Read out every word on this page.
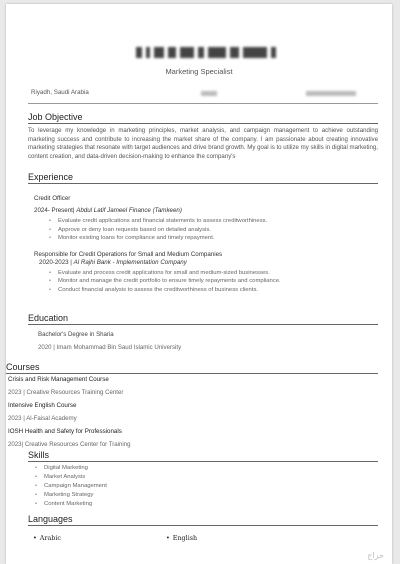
Marketing Specialist
Riyadh, Saudi Arabia
Job Objective
To leverage my knowledge in marketing principles, market analysis, and campaign management to achieve outstanding marketing success and contribute to increasing the market share of the company. I am passionate about creating innovative marketing strategies that resonate with target audiences and drive brand growth. My goal is to utilize my skills in digital marketing, content creation, and data-driven decision-making to enhance the company's
Experience
Credit Officer
2024- Present| Abdul Latif Jameel Finance (Tamkeen)
• Evaluate credit applications and financial statements to assess creditworthiness.
• Approve or deny loan requests based on detailed analysis.
• Monitor existing loans for compliance and timely repayment.
Responsible for Credit Operations for Small and Medium Companies
2020-2023 | Al Rajhi Bank - Implementation Company
• Evaluate and process credit applications for small and medium-sized businesses.
• Monitor and manage the credit portfolio to ensure timely repayments and compliance.
• Conduct financial analysis to assess the creditworthiness of business clients.
Education
Bachelor's Degree in Sharia
2020 | Imam Mohammad Bin Saud Islamic University
Courses
Crisis and Risk Management Course
2023 | Creative Resources Training Center
Intensive English Course
2023 | Al-Faisal Academy
IOSH Health and Safety for Professionals
2023| Creative Resources Center for Training
Skills
• Digital Marketing
• Market Analysis
• Campaign Management
• Marketing Strategy
• Content Marketing
Languages
• Arabic
•	English
حراج
